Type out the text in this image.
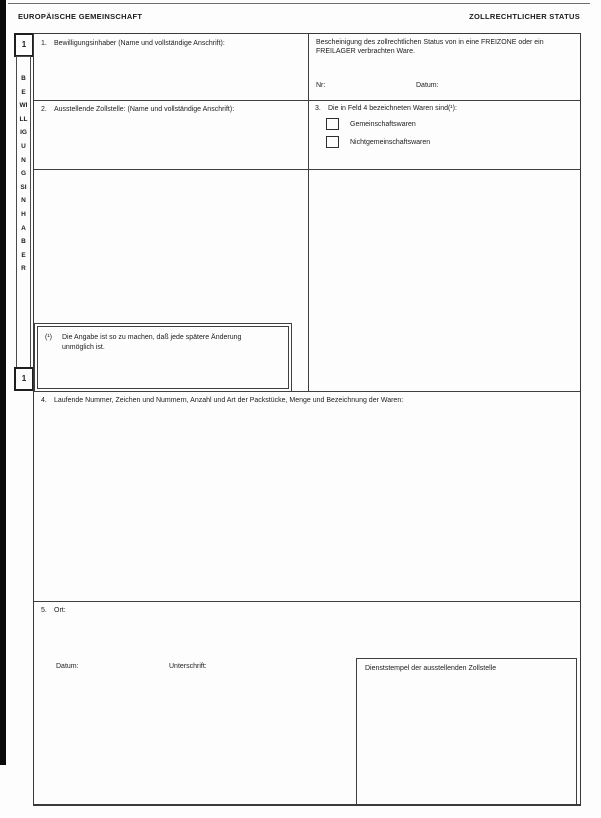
EUROPÄISCHE GEMEINSCHAFT	ZOLLRECHTLICHER STATUS
1
BEWILLIGUNGSINHABER
1
1.	Bewilligungsinhaber (Name und vollständige Anschrift):	Bescheinigung des zollrechtlichen Status von in eine FREIZONE oder ein FREILAGER verbrachten Ware.
Nr:	Datum:
2.	Ausstellende Zollstelle: (Name und vollständige Anschrift):	3.	Die in Feld 4 bezeichneten Waren sind(¹):
Gemeinschaftswaren
Nichtgemeinschaftswaren
(¹)	Die Angabe ist so zu machen, daß jede spätere Änderung unmöglich ist.
4.	Laufende Nummer, Zeichen und Nummern, Anzahl und Art der Packstücke, Menge und Bezeichnung der Waren:
5.	Ort:
Datum:	Unterschrift:	Dienststempel der ausstellenden Zollstelle
